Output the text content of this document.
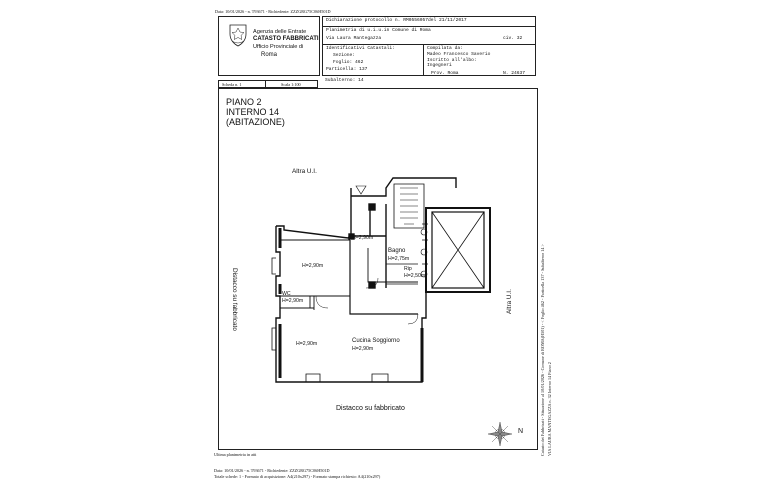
Data: 10/01/2026 - n. T93671 - Richiedente: ZZZGRG75C06H501D
Agenzia delle Entrate
CATASTO FABBRICATI
Ufficio Provinciale di
Roma
Dichiarazione protocollo n. RM0556057del 21/11/2017
Planimetria di u.i.u.in Comune di Roma
Via Laura Mantegazza	civ. 32
Identificativi Catastali:
Sezione:
Foglio: 462
Particella: 137
Compilata da:
Madeo Francesco Saverio
Iscritto all'albo:
Ingegneri
Prov. Roma	N. 24637
Subalterno: 14
Scheda n. 1	Scala 1:100
PIANO 2
INTERNO 14
(ABITAZIONE)
Altra U.I.
H=2,90m
H=2,90m
Bagno
H=2,75m
Rip
H=2,50m
WC
H=2,90m
H=2,90m	Cucina Soggiorno
H=2,90m
Distacco su fabbricato
Altra U.I.
Distacco su fabbricato
N	Catasto dei Fabbricati - Situazione al 10/01/2026 - Comune di ROMA(H501) - < Foglio 462 - Particella 137 - Subalterno 14 > VIA LAURA MANTEGAZZA n. 32 Interno 14 Piano 2
Ultima planimetria in atti
Data: 10/01/2026 - n. T93671 - Richiedente: ZZZGRG75C06H501D
Totale schede: 1 - Formato di acquisizione: A4(210x297) - Formato stampa richiesto: A4(210x297)
